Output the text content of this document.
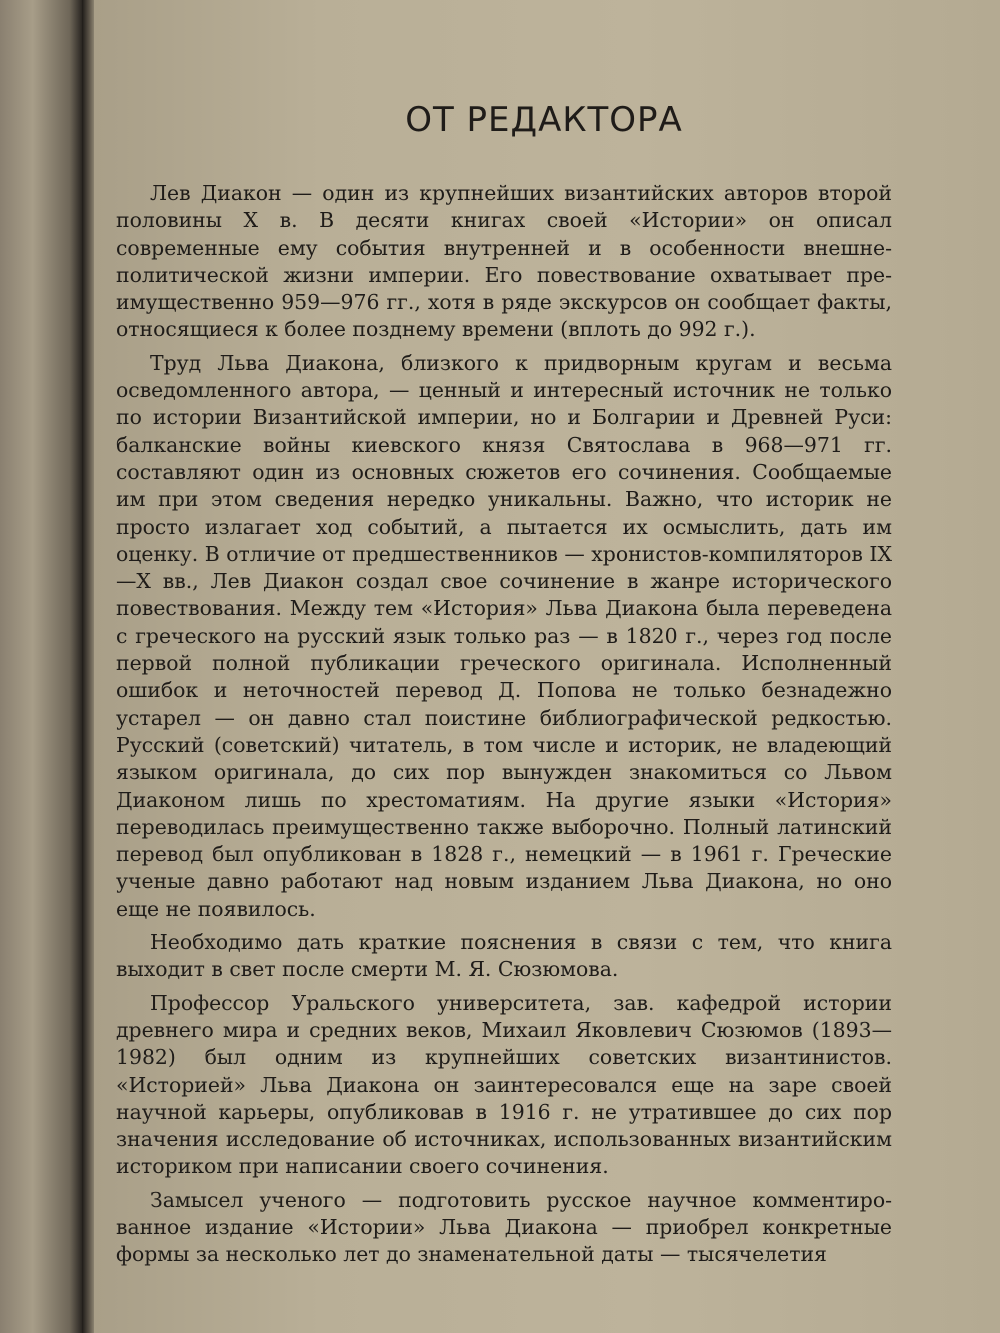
ОТ РЕДАКТОРА

Лев Диакон — один из крупнейших византийских авторов второй половины X в. В десяти книгах своей «Истории» он описал современные ему события внутренней и в особенности внешнеполитической жизни империи. Его повествование охватывает преимущественно 959—976 гг., хотя в ряде экскурсов он сообщает факты, относящиеся к более позднему времени (вплоть до 992 г.).

Труд Льва Диакона, близкого к придворным кругам и весьма осведомленного автора, — ценный и интересный источник не только по истории Византийской империи, но и Болгарии и Древней Руси: балканские войны киевского князя Святослава в 968—971 гг. составляют один из основных сюжетов его сочинения. Сообщаемые им при этом сведения нередко уникальны. Важно, что историк не просто излагает ход событий, а пытается их осмыслить, дать им оценку. В отличие от предшественников — хронистов-компиляторов IX—X вв., Лев Диакон создал свое сочинение в жанре исторического повествования. Между тем «История» Льва Диакона была переведена с греческого на русский язык только раз — в 1820 г., через год после первой полной публикации греческого оригинала. Исполненный ошибок и неточностей перевод Д. Попова не только безнадежно устарел — он давно стал поистине библиографической редкостью. Русский (советский) читатель, в том числе и историк, не владеющий языком оригинала, до сих пор вынужден знакомиться со Львом Диаконом лишь по хрестоматиям. На другие языки «История» переводилась преимущественно также выборочно. Полный латинский перевод был опубликован в 1828 г., немецкий — в 1961 г. Греческие ученые давно работают над новым изданием Льва Диакона, но оно еще не появилось.

Необходимо дать краткие пояснения в связи с тем, что книга выходит в свет после смерти М. Я. Сюзюмова.

Профессор Уральского университета, зав. кафедрой истории древнего мира и средних веков, Михаил Яковлевич Сюзюмов (1893—1982) был одним из крупнейших советских византинистов. «Историей» Льва Диакона он заинтересовался еще на заре своей научной карьеры, опубликовав в 1916 г. не утратившее до сих пор значения исследование об источниках, использованных византийским историком при написании своего сочинения.

Замысел ученого — подготовить русское научное комментированное издание «Истории» Льва Диакона — приобрел конкретные формы за несколько лет до знаменательной даты — тысячелетия
